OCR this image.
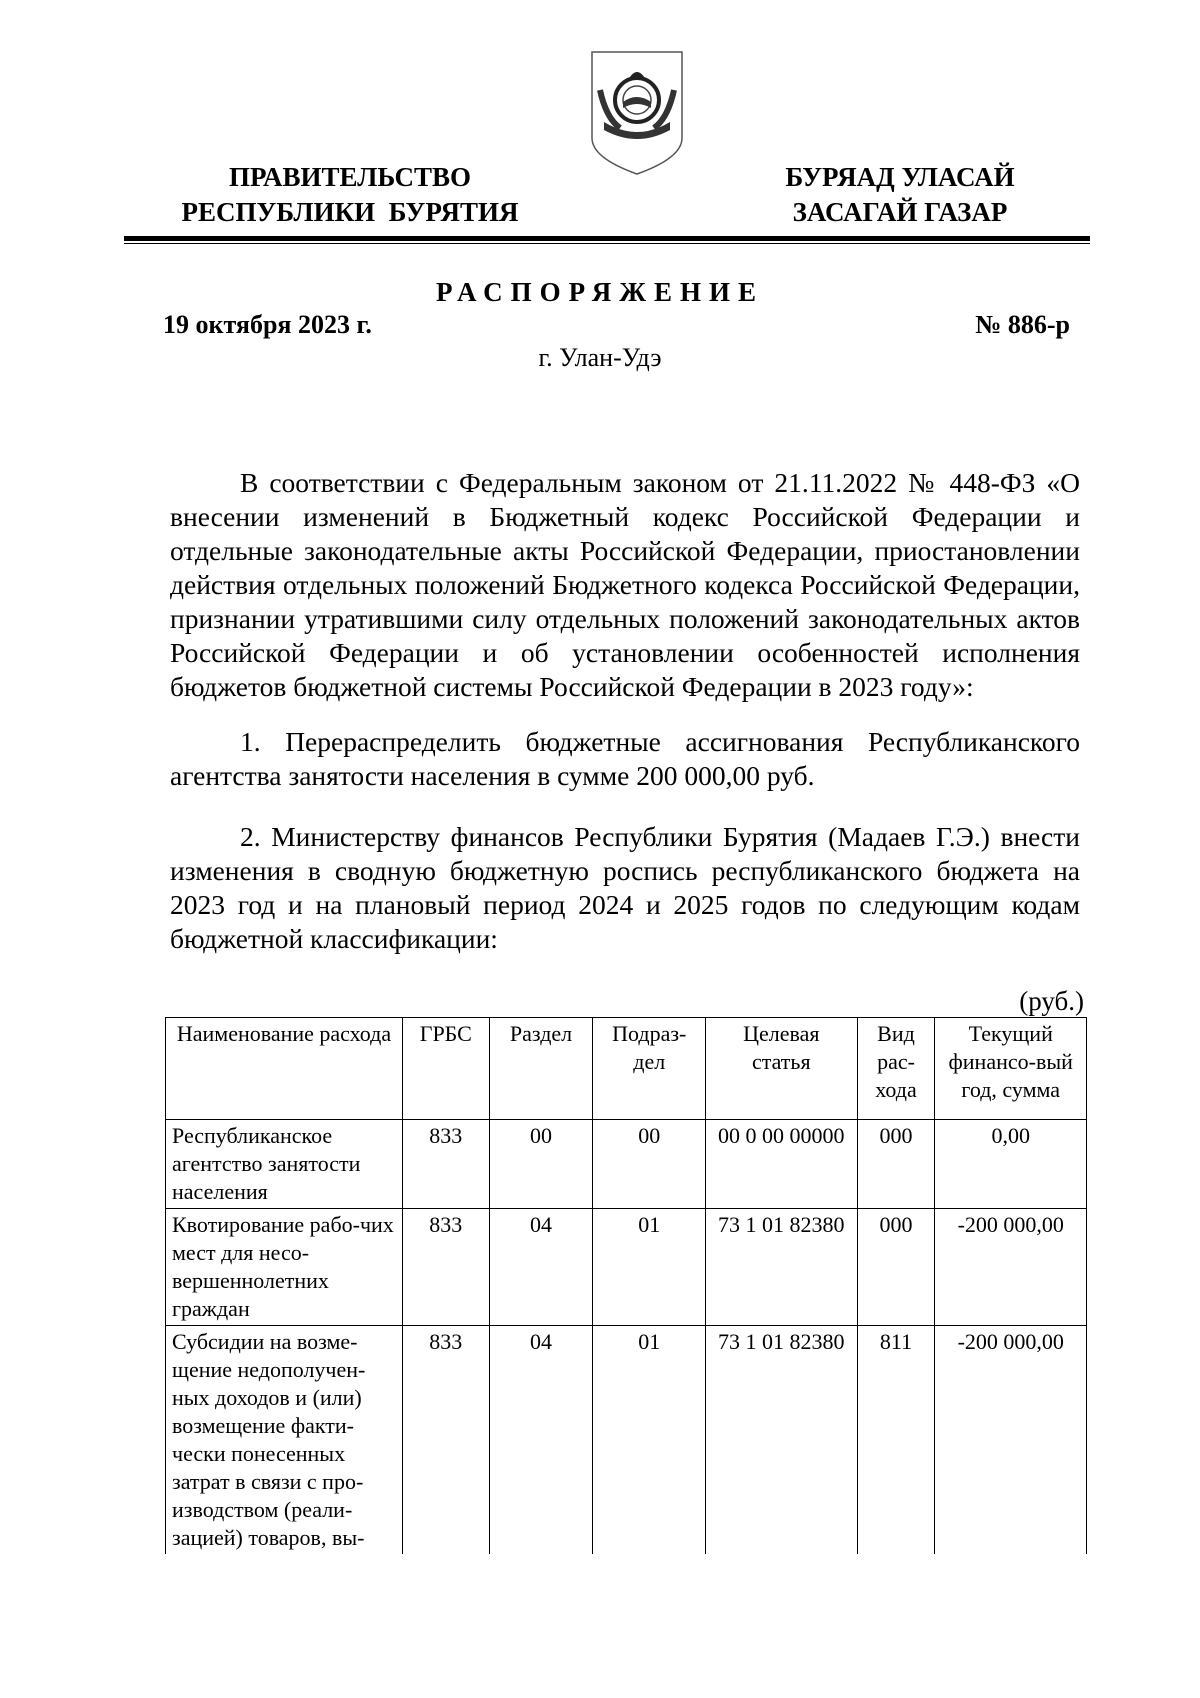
ПРАВИТЕЛЬСТВО
РЕСПУБЛИКИ  БУРЯТИЯ
БУРЯАД УЛАСАЙ
ЗАСАГАЙ ГАЗАР
РАСПОРЯЖЕНИЕ
19 октября 2023 г.	№ 886-р
г. Улан-Удэ
В соответствии с Федеральным законом от 21.11.2022 № 448-ФЗ «О внесении изменений в Бюджетный кодекс Российской Федерации и отдельные законодательные акты Российской Федерации, приостановлении действия отдельных положений Бюджетного кодекса Российской Федерации, признании утратившими силу отдельных положений законодательных актов Российской Федерации и об установлении особенностей исполнения бюджетов бюджетной системы Российской Федерации в 2023 году»:
1. Перераспределить бюджетные ассигнования Республиканского агентства занятости населения в сумме 200 000,00 руб.
2. Министерству финансов Республики Бурятия (Мадаев Г.Э.) внести изменения в сводную бюджетную роспись республиканского бюджета на 2023 год и на плановый период 2024 и 2025 годов по следующим кодам бюджетной классификации:
(руб.)
Наименование расхода	ГРБС	Раздел	Подраз-дел	Целевая статья	Вид рас-хода	Текущий финансо-вый год, сумма
Республиканское агентство занятости населения	833	00	00	00 0 00 00000	000	0,00
Квотирование рабо-чих мест для несо-вершеннолетних граждан	833	04	01	73 1 01 82380	000	-200 000,00
Субсидии на возме-щение недополучен-ных доходов и (или) возмещение факти-чески понесенных затрат в связи с про-изводством (реали-зацией) товаров, вы-	833	04	01	73 1 01 82380	811	-200 000,00
